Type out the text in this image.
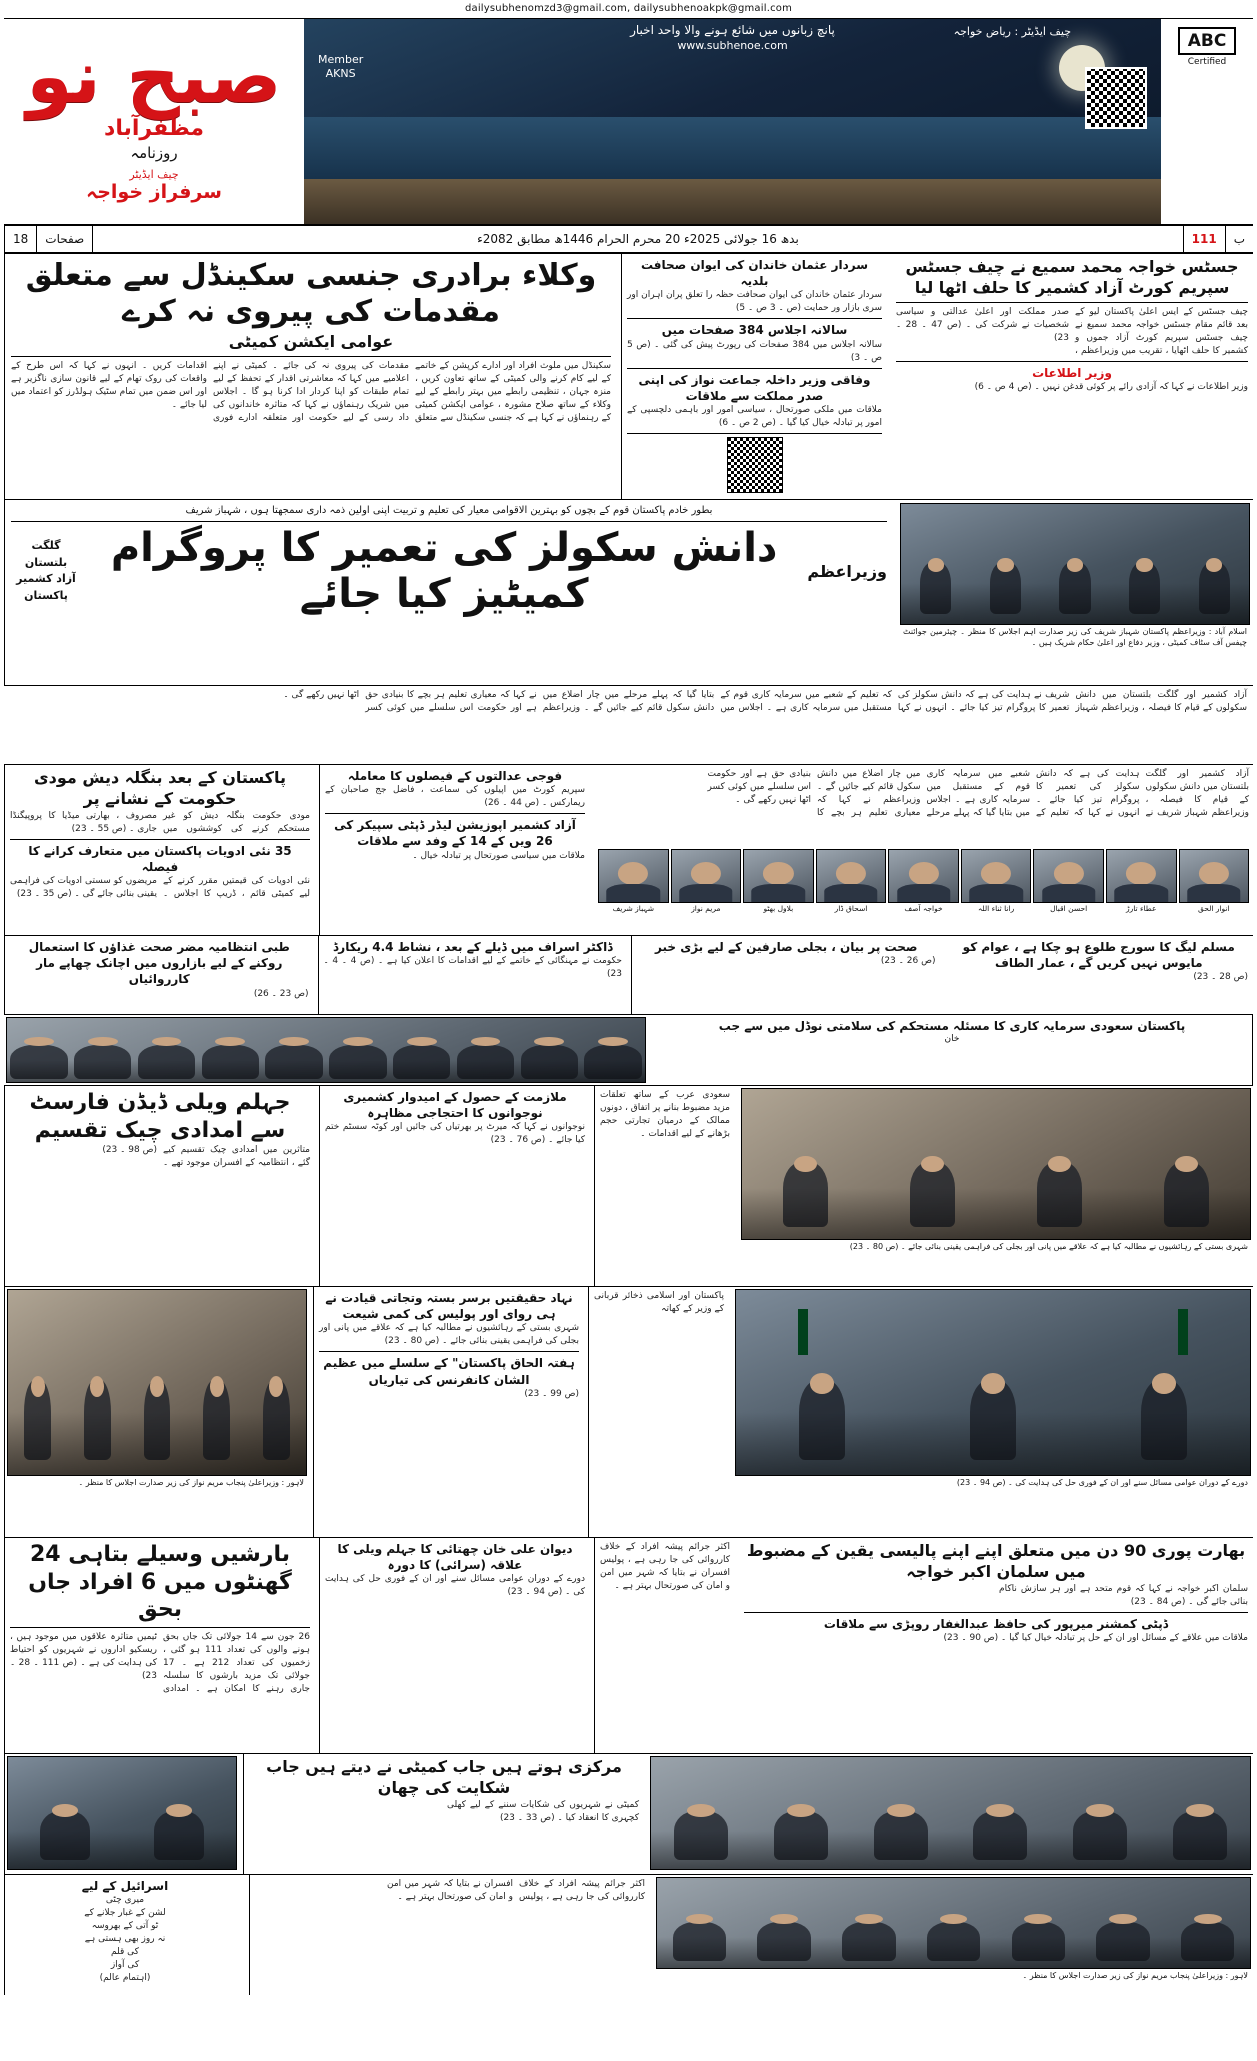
dailysubhenomzd3@gmail.com, dailysubhenoakpk@gmail.com
صبح نو
مظفرآباد
روزنامہ
چیف ایڈیٹر
سرفراز خواجہ
پانچ زبانوں میں شائع ہونے والا واحد اخبار
www.subhenoe.com
Member
AKNS
چیف ایڈیٹر : ریاض خواجہ	ABC
Certified
18	صفحات	بدھ 16 جولائی 2025ء 20 محرم الحرام 1446ھ مطابق 2082ء	111	ب
وکلاء برادری جنسی سکینڈل سے متعلق مقدمات کی پیروی نہ کرے
عوامی ایکشن کمیٹی
سکینڈل میں ملوث افراد اور ادارے کرپشن کے خاتمے کے لیے کام کرنے والی کمیٹی کے ساتھ تعاون کریں ، منزہ جہان ، تنظیمی رابطے میں بہتر رابطے کے لیے وکلاء کے ساتھ صلاح مشورہ ، عوامی ایکشن کمیٹی کے رہنماؤں نے کہا ہے کہ جنسی سکینڈل سے متعلق مقدمات کی پیروی نہ کی جائے ۔ کمیٹی نے اپنے اعلامیے میں کہا کہ معاشرتی اقدار کے تحفظ کے لیے تمام طبقات کو اپنا کردار ادا کرنا ہو گا ۔ اجلاس میں شریک رہنماؤں نے کہا کہ متاثرہ خاندانوں کی داد رسی کے لیے حکومت اور متعلقہ ادارے فوری اقدامات کریں ۔ انہوں نے کہا کہ اس طرح کے واقعات کی روک تھام کے لیے قانون سازی ناگزیر ہے اور اس ضمن میں تمام سٹیک ہولڈرز کو اعتماد میں لیا جائے ۔
سردار عثمان خاندان کی ایوان صحافت بلدیہ
سردار عثمان خاندان کی ایوان صحافت حظہ را تعلق پران اہران اور سری بازار ور حمایت (ص ۔ 3 ص ۔ 5)
سالانہ اجلاس 384 صفحات میں
سالانہ اجلاس میں 384 صفحات کی رپورٹ پیش کی گئی ۔ (ص 5 ص ۔ 3)
وفاقی وزیر داخلہ جماعت نواز کی اپنی صدر مملکت سے ملاقات
ملاقات میں ملکی صورتحال ، سیاسی امور اور باہمی دلچسپی کے امور پر تبادلہ خیال کیا گیا ۔ (ص 2 ص ۔ 6)
جسٹس خواجہ محمد سمیع نے چیف جسٹس سپریم کورٹ آزاد کشمیر کا حلف اٹھا لیا
چیف جسٹس کے ایس اعلیٰ پاکستان لیو کے بعد قائم مقام جسٹس خواجہ محمد سمیع نے چیف جسٹس سپریم کورٹ آزاد جموں و کشمیر کا حلف اٹھایا ، تقریب میں وزیراعظم ، صدر مملکت اور اعلیٰ عدالتی و سیاسی شخصیات نے شرکت کی ۔ (ص 47 ۔ 28 ۔ 23)
وزیر اطلاعات
وزیر اطلاعات نے کہا کہ آزادی رائے پر کوئی قدغن نہیں ۔ (ص 4 ص ۔ 6)
بطور خادم پاکستان قوم کے بچوں کو بہترین الاقوامی معیار کی تعلیم و تربیت اپنی اولین ذمہ داری سمجھتا ہوں ، شہباز شریف
گلگت بلتستان
آزاد کشمیر
پاکستان
دانش سکولز کی تعمیر کا پروگرام کمیٹیز کیا جائے	وزیراعظم
اسلام آباد : وزیراعظم پاکستان شہباز شریف کی زیر صدارت اہم اجلاس کا منظر ۔ چیئرمین جوائنٹ چیفس آف سٹاف کمیٹی ، وزیر دفاع اور اعلیٰ حکام شریک ہیں ۔
آزاد کشمیر اور گلگت بلتستان میں دانش سکولوں کے قیام کا فیصلہ ، وزیراعظم شہباز شریف نے ہدایت کی ہے کہ دانش سکولز کی تعمیر کا پروگرام تیز کیا جائے ۔ انہوں نے کہا کہ تعلیم کے شعبے میں سرمایہ کاری قوم کے مستقبل میں سرمایہ کاری ہے ۔ اجلاس میں بتایا گیا کہ پہلے مرحلے میں چار اضلاع میں دانش سکول قائم کیے جائیں گے ۔ وزیراعظم نے کہا کہ معیاری تعلیم ہر بچے کا بنیادی حق ہے اور حکومت اس سلسلے میں کوئی کسر اٹھا نہیں رکھے گی ۔
پاکستان کے بعد بنگلہ دیش مودی حکومت کے نشانے پر
مودی حکومت بنگلہ دیش کو غیر مستحکم کرنے کی کوششوں میں مصروف ، بھارتی میڈیا کا پروپیگنڈا جاری ۔ (ص 55 ۔ 23)
35 نئی ادویات پاکستان میں متعارف کرانے کا فیصلہ
نئی ادویات کی قیمتیں مقرر کرنے کے لیے کمیٹی قائم ، ڈریپ کا اجلاس ۔ مریضوں کو سستی ادویات کی فراہمی یقینی بنائی جائے گی ۔ (ص 35 ۔ 23)
فوجی عدالتوں کے فیصلوں کا معاملہ
سپریم کورٹ میں اپیلوں کی سماعت ، فاضل جج صاحبان کے ریمارکس ۔ (ص 44 ۔ 26)
آزاد کشمیر اپوزیشن لیڈر ڈپٹی سپیکر کی 26 ویں کے 14 کے وفد سے ملاقات
ملاقات میں سیاسی صورتحال پر تبادلہ خیال ۔
آزاد کشمیر اور گلگت بلتستان میں دانش سکولوں کے قیام کا فیصلہ ، وزیراعظم شہباز شریف نے ہدایت کی ہے کہ دانش سکولز کی تعمیر کا پروگرام تیز کیا جائے ۔ انہوں نے کہا کہ تعلیم کے شعبے میں سرمایہ کاری قوم کے مستقبل میں سرمایہ کاری ہے ۔ اجلاس میں بتایا گیا کہ پہلے مرحلے میں چار اضلاع میں دانش سکول قائم کیے جائیں گے ۔ وزیراعظم نے کہا کہ معیاری تعلیم ہر بچے کا بنیادی حق ہے اور حکومت اس سلسلے میں کوئی کسر اٹھا نہیں رکھے گی ۔
شہباز شریف	مریم نواز	بلاول بھٹو	اسحاق ڈار	خواجہ آصف	رانا ثناء اللہ	احسن اقبال	عطاء تارڑ	انوار الحق
طبی انتظامیہ مضر صحت غذاؤں کا استعمال روکنے کے لیے بازاروں میں اچانک چھاپے مار کارروائیاں
(ص 23 ۔ 26)
ڈاکٹر اسراف میں ڈیلے کے بعد ، نشاط 4.4 ریکارڈ
حکومت نے مہنگائی کے خاتمے کے لیے اقدامات کا اعلان کیا ہے ۔ (ص 4 ۔ 4 ۔ 23)
صحت پر بیان ، بجلی صارفین کے لیے بڑی خبر
(ص 26 ۔ 23)
مسلم لیگ کا سورج طلوع ہو چکا ہے ، عوام کو مایوس نہیں کریں گے ، عمار الطاف
(ص 28 ۔ 23)
پاکستان سعودی سرمایہ کاری کا مسئلہ مستحکم کی سلامتی نوڈل میں سے جب
خان
جہلم ویلی ڈیڈن فارسٹ سے امدادی چیک تقسیم
متاثرین میں امدادی چیک تقسیم کیے گئے ، انتظامیہ کے افسران موجود تھے ۔ (ص 98 ۔ 23)
ملازمت کے حصول کے امیدوار کشمیری نوجوانوں کا احتجاجی مظاہرہ
نوجوانوں نے کہا کہ میرٹ پر بھرتیاں کی جائیں اور کوٹہ سسٹم ختم کیا جائے ۔ (ص 76 ۔ 23)
سعودی عرب کے ساتھ تعلقات مزید مضبوط بنانے پر اتفاق ، دونوں ممالک کے درمیان تجارتی حجم بڑھانے کے لیے اقدامات ۔
شہری بستی کے رہائشیوں نے مطالبہ کیا ہے کہ علاقے میں پانی اور بجلی کی فراہمی یقینی بنائی جائے ۔ (ص 80 ۔ 23)
لاہور : وزیراعلیٰ پنجاب مریم نواز کی زیر صدارت اجلاس کا منظر ۔
نہاد حقیقتیں برسر بستہ وتجاتی قیادت نے ہی روای اور پولیس کی کمی شیعت
شہری بستی کے رہائشیوں نے مطالبہ کیا ہے کہ علاقے میں پانی اور بجلی کی فراہمی یقینی بنائی جائے ۔ (ص 80 ۔ 23)
ہفتہ الحاق پاکستان" کے سلسلے میں عظیم الشان کانفرنس کی تیاریاں
(ص 99 ۔ 23)
پاکستان اور اسلامی ذخائر قربانی کے وزیر کے کھاتہ
دورے کے دوران عوامی مسائل سنے اور ان کے فوری حل کی ہدایت کی ۔ (ص 94 ۔ 23)
بارشیں وسیلے بتاہی 24 گھنٹوں میں 6 افراد جاں بحق
26 جون سے 14 جولائی تک جاں بحق ہونے والوں کی تعداد 111 ہو گئی ، زخمیوں کی تعداد 212 ہے ۔ 17 جولائی تک مزید بارشوں کا سلسلہ جاری رہنے کا امکان ہے ۔ امدادی ٹیمیں متاثرہ علاقوں میں موجود ہیں ، ریسکیو اداروں نے شہریوں کو احتیاط کی ہدایت کی ہے ۔ (ص 111 ۔ 28 ۔ 23)
دیوان علی خان چھتائی کا جہلم ویلی کا علاقہ (سرائی) کا دورہ
دورے کے دوران عوامی مسائل سنے اور ان کے فوری حل کی ہدایت کی ۔ (ص 94 ۔ 23)
اکثر جرائم پیشہ افراد کے خلاف کارروائی کی جا رہی ہے ، پولیس افسران نے بتایا کہ شہر میں امن و امان کی صورتحال بہتر ہے ۔
بھارت پوری 90 دن میں متعلق اپنے اپنے پالیسی یقین کے مضبوط میں سلمان اکبر خواجہ
سلمان اکبر خواجہ نے کہا کہ قوم متحد ہے اور ہر سازش ناکام بنائی جائے گی ۔ (ص 84 ۔ 23)
ڈپٹی کمشنر میرپور کی حافظ عبدالغفار روپڑی سے ملاقات
ملاقات میں علاقے کے مسائل اور ان کے حل پر تبادلہ خیال کیا گیا ۔ (ص 90 ۔ 23)
مرکزی ہوتے ہیں جاب کمیٹی نے دیتے ہیں جاب شکایت کی چھان
کمیٹی نے شہریوں کی شکایات سننے کے لیے کھلی کچہری کا انعقاد کیا ۔ (ص 33 ۔ 23)
اسرائیل کے لیے
میری چٹی
لشن کے غبار جلانے کے
ٹو آتی کے بھروسہ
نہ روز بھی ہستی ہے
کی قلم
کی آواز
(اہتمام عالم)
اکثر جرائم پیشہ افراد کے خلاف کارروائی کی جا رہی ہے ، پولیس افسران نے بتایا کہ شہر میں امن و امان کی صورتحال بہتر ہے ۔
لاہور : وزیراعلیٰ پنجاب مریم نواز کی زیر صدارت اجلاس کا منظر ۔
